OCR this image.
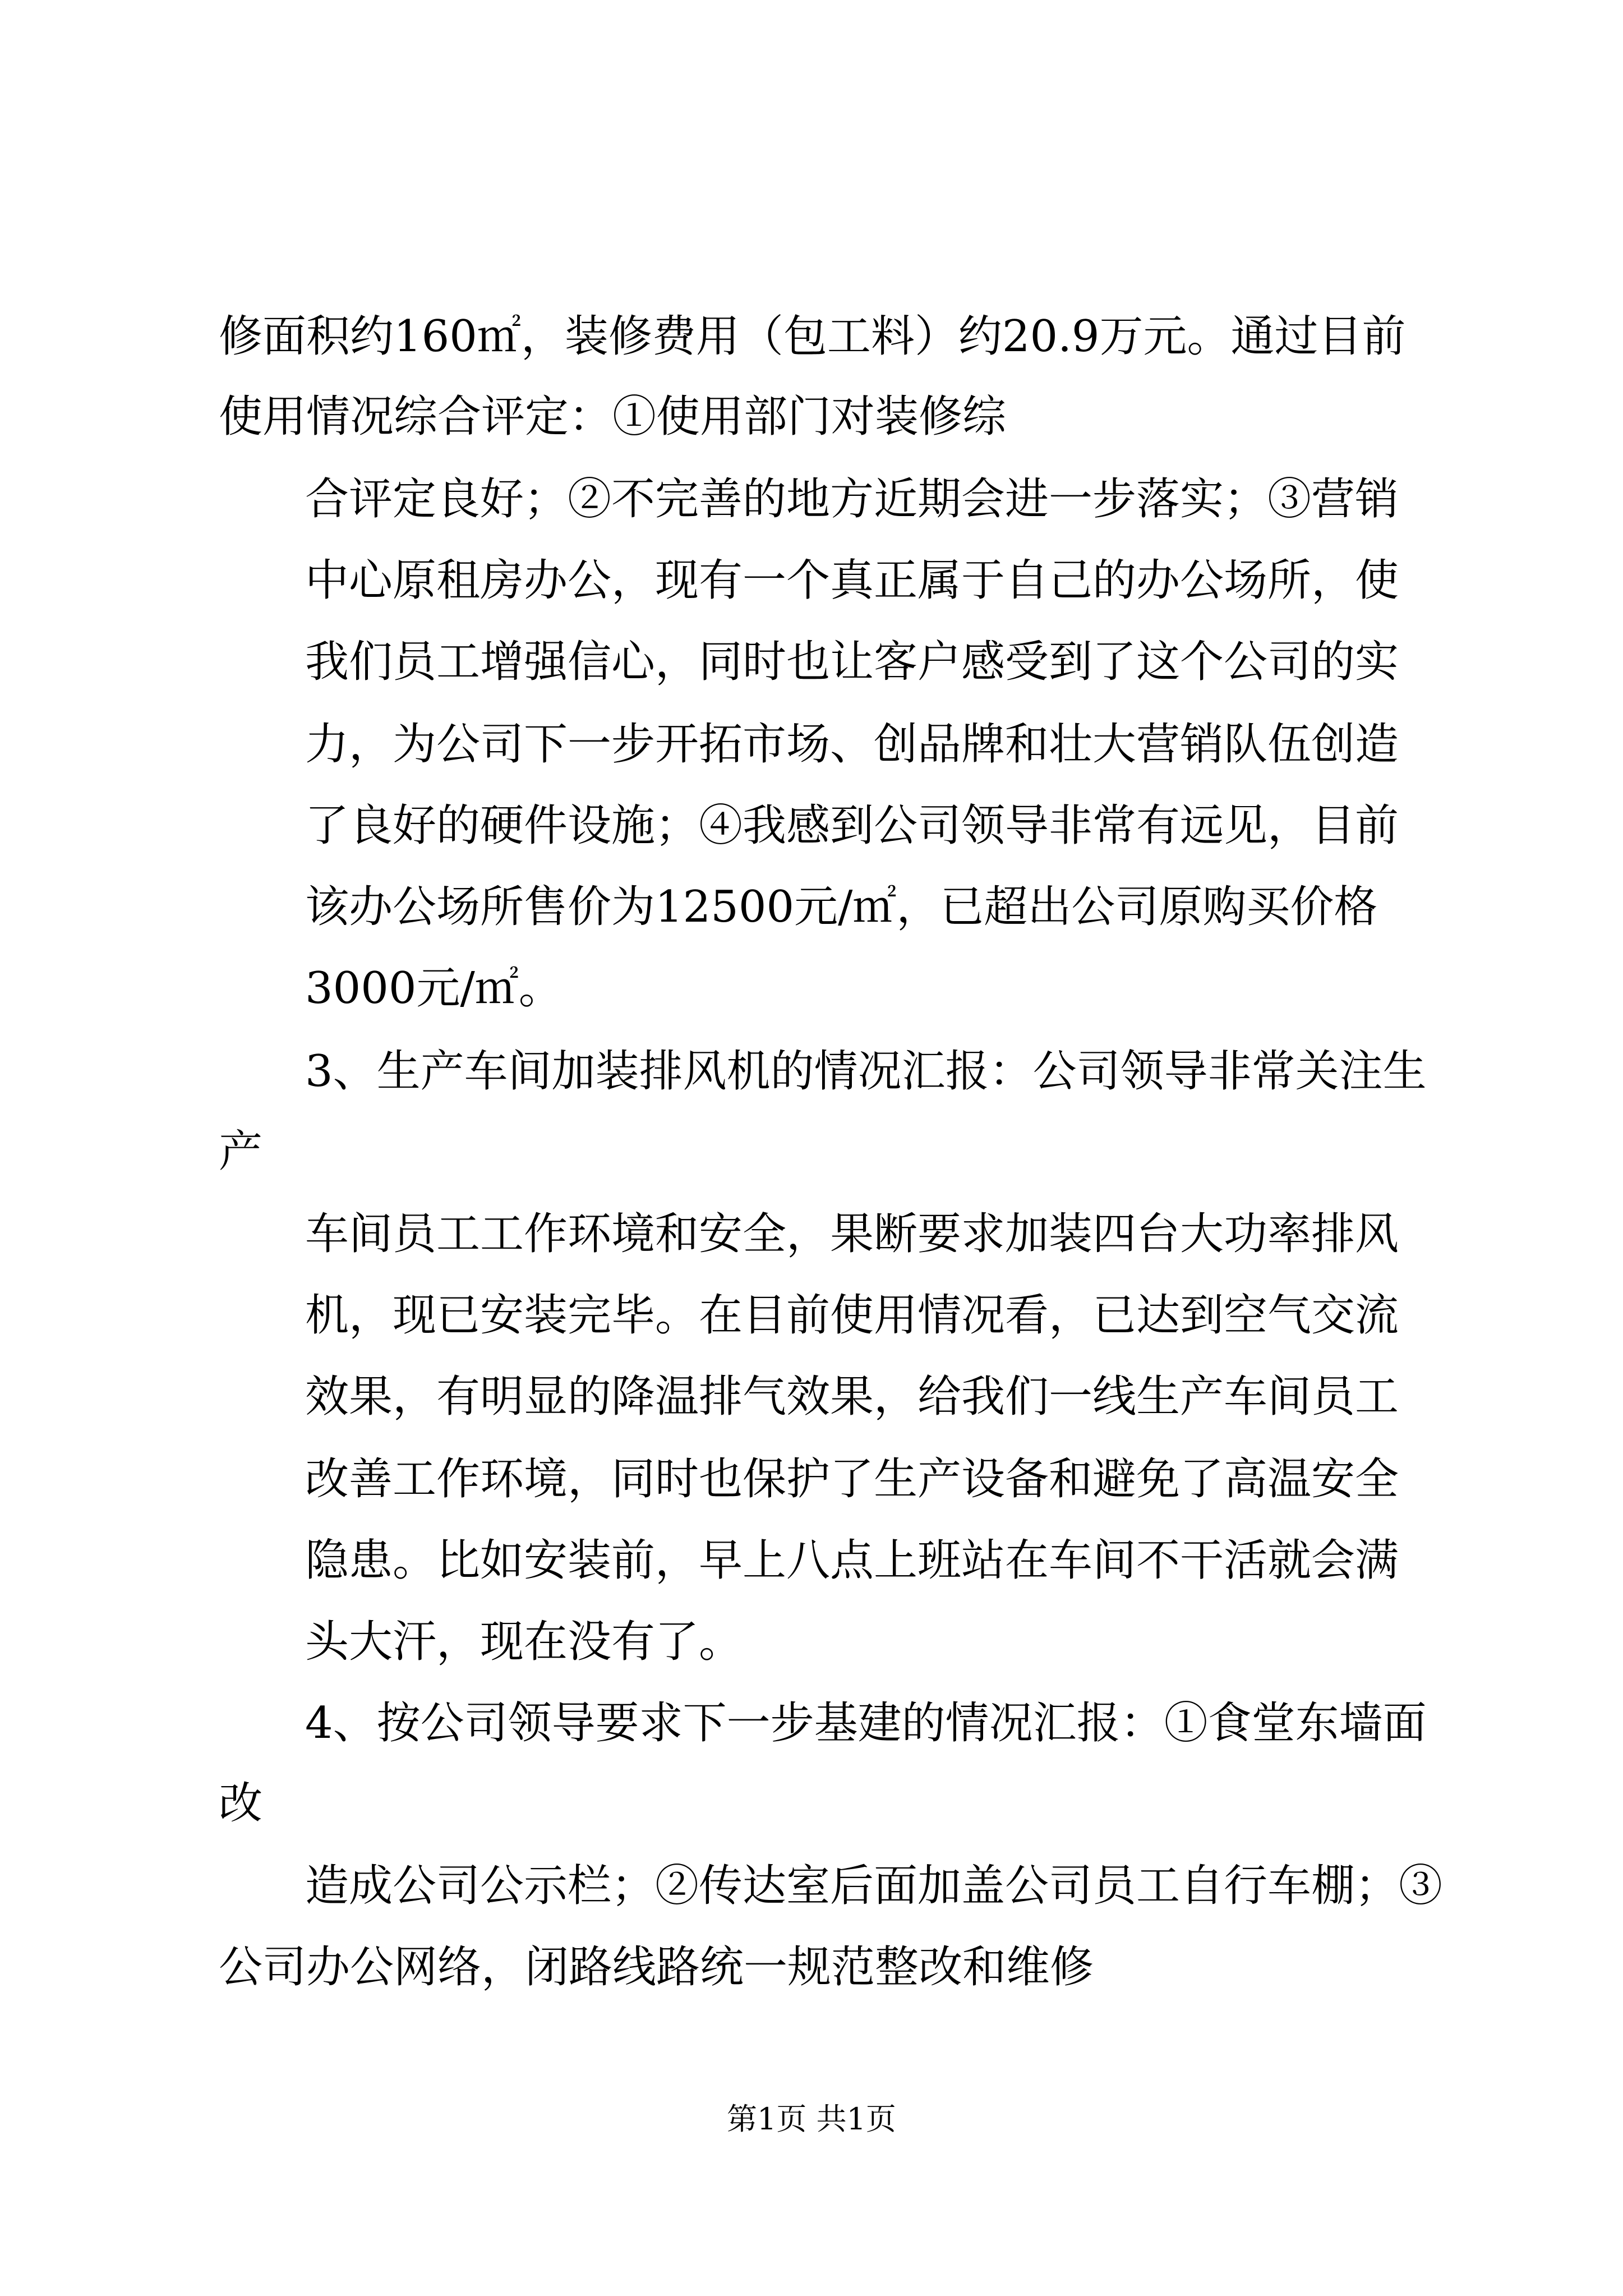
修面积约160㎡，装修费用（包工料）约20.9万元。通过目前
使用情况综合评定：①使用部门对装修综
合评定良好；②不完善的地方近期会进一步落实；③营销
中心原租房办公，现有一个真正属于自己的办公场所，使
我们员工增强信心，同时也让客户感受到了这个公司的实
力，为公司下一步开拓市场、创品牌和壮大营销队伍创造
了良好的硬件设施；④我感到公司领导非常有远见，目前
该办公场所售价为12500元/㎡，已超出公司原购买价格
3000元/㎡。
3、生产车间加装排风机的情况汇报：公司领导非常关注生
产
车间员工工作环境和安全，果断要求加装四台大功率排风
机，现已安装完毕。在目前使用情况看，已达到空气交流
效果，有明显的降温排气效果，给我们一线生产车间员工
改善工作环境，同时也保护了生产设备和避免了高温安全
隐患。比如安装前，早上八点上班站在车间不干活就会满
头大汗，现在没有了。
4、按公司领导要求下一步基建的情况汇报：①食堂东墙面
改
造成公司公示栏；②传达室后面加盖公司员工自行车棚；③
公司办公网络，闭路线路统一规范整改和维修
第1页 共1页
